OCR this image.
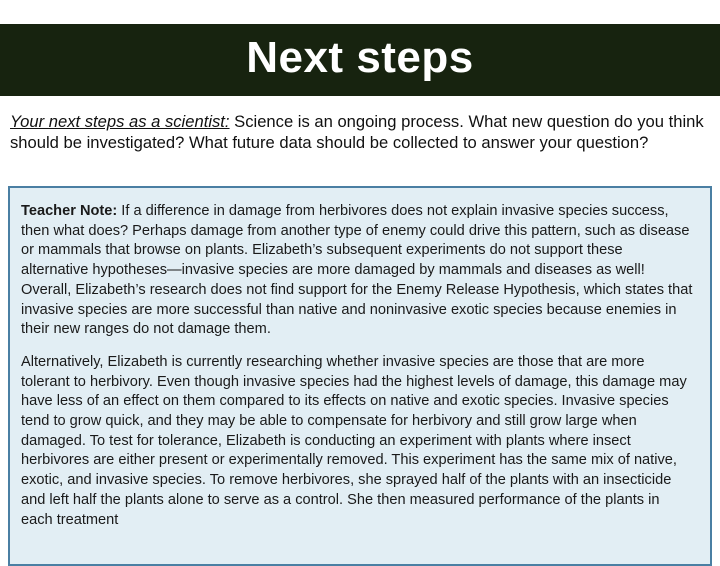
Next steps
Your next steps as a scientist: Science is an ongoing process. What new question do you think should be investigated? What future data should be collected to answer your question?

Teacher Note: If a difference in damage from herbivores does not explain invasive species success, then what does? Perhaps damage from another type of enemy could drive this pattern, such as disease or mammals that browse on plants. Elizabeth’s subsequent experiments do not support these alternative hypotheses—invasive species are more damaged by mammals and diseases as well! Overall, Elizabeth’s research does not find support for the Enemy Release Hypothesis, which states that invasive species are more successful than native and noninvasive exotic species because enemies in their new ranges do not damage them.

Alternatively, Elizabeth is currently researching whether invasive species are those that are more tolerant to herbivory. Even though invasive species had the highest levels of damage, this damage may have less of an effect on them compared to its effects on native and exotic species. Invasive species tend to grow quick, and they may be able to compensate for herbivory and still grow large when damaged. To test for tolerance, Elizabeth is conducting an experiment with plants where insect herbivores are either present or experimentally removed. This experiment has the same mix of native, exotic, and invasive species. To remove herbivores, she sprayed half of the plants with an insecticide and left half the plants alone to serve as a control. She then measured performance of the plants in each treatment
